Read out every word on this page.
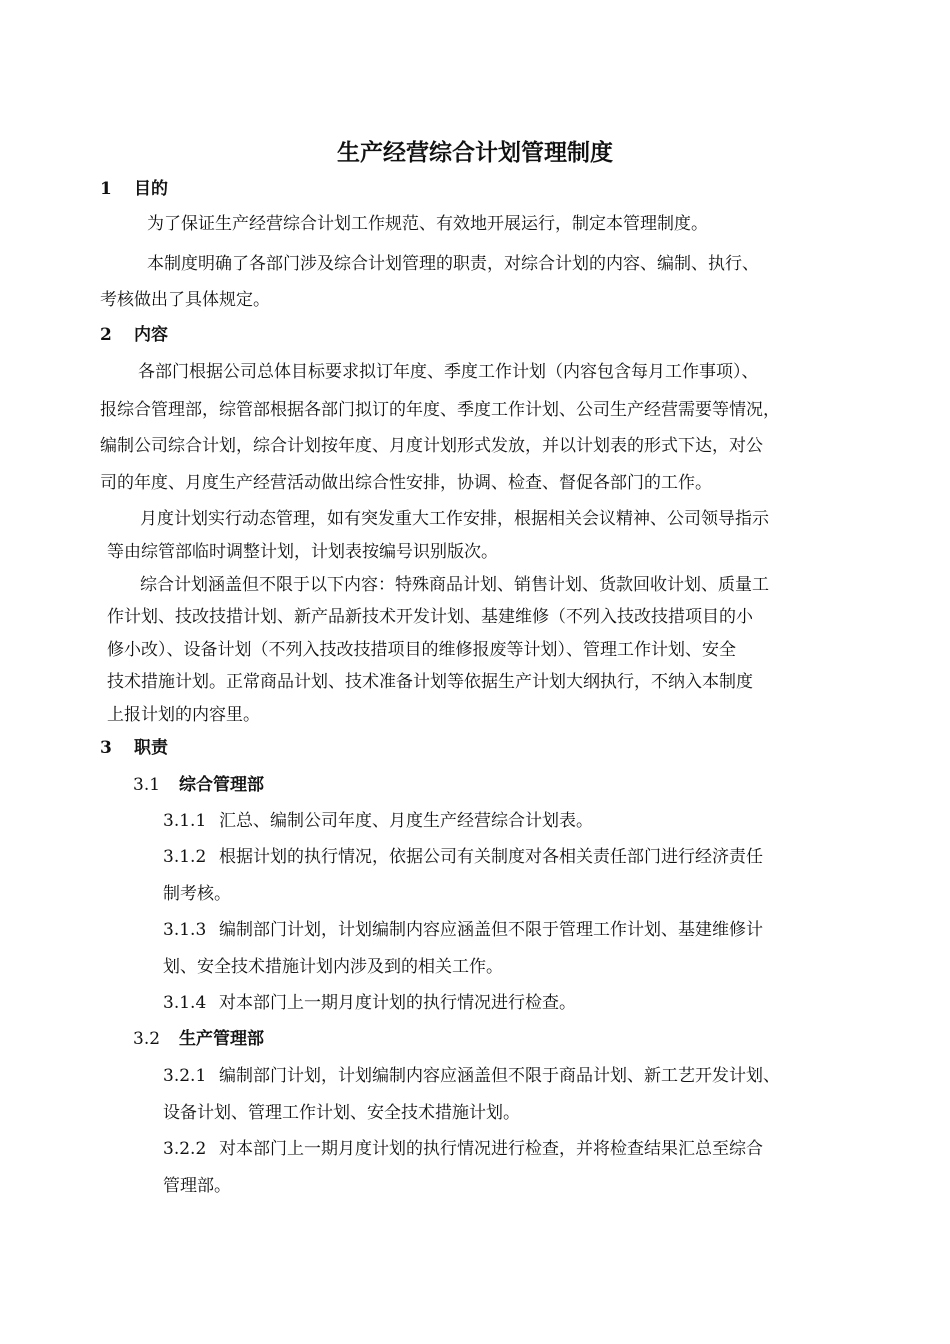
生产经营综合计划管理制度
1 目的
为了保证生产经营综合计划工作规范、有效地开展运行，制定本管理制度。
本制度明确了各部门涉及综合计划管理的职责，对综合计划的内容、编制、执行、
考核做出了具体规定。
2 内容
各部门根据公司总体目标要求拟订年度、季度工作计划（内容包含每月工作事项）、
报综合管理部，综管部根据各部门拟订的年度、季度工作计划、公司生产经营需要等情况，
编制公司综合计划，综合计划按年度、月度计划形式发放，并以计划表的形式下达，对公
司的年度、月度生产经营活动做出综合性安排，协调、检查、督促各部门的工作。
月度计划实行动态管理，如有突发重大工作安排，根据相关会议精神、公司领导指示
等由综管部临时调整计划，计划表按编号识别版次。
综合计划涵盖但不限于以下内容：特殊商品计划、销售计划、货款回收计划、质量工
作计划、技改技措计划、新产品新技术开发计划、基建维修（不列入技改技措项目的小
修小改）、设备计划（不列入技改技措项目的维修报废等计划）、管理工作计划、安全
技术措施计划。正常商品计划、技术准备计划等依据生产计划大纲执行，不纳入本制度
上报计划的内容里。
3 职责
3.1 综合管理部
3.1.1 汇总、编制公司年度、月度生产经营综合计划表。
3.1.2 根据计划的执行情况，依据公司有关制度对各相关责任部门进行经济责任
制考核。
3.1.3 编制部门计划，计划编制内容应涵盖但不限于管理工作计划、基建维修计
划、安全技术措施计划内涉及到的相关工作。
3.1.4 对本部门上一期月度计划的执行情况进行检查。
3.2 生产管理部
3.2.1 编制部门计划，计划编制内容应涵盖但不限于商品计划、新工艺开发计划、
设备计划、管理工作计划、安全技术措施计划。
3.2.2 对本部门上一期月度计划的执行情况进行检查，并将检查结果汇总至综合
管理部。
